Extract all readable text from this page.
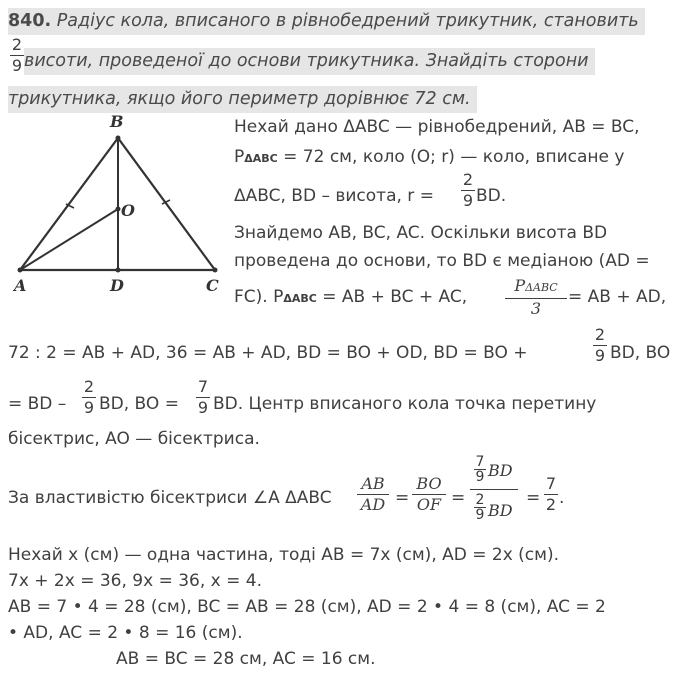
840. Радіус кола, вписаного в рівнобедрений трикутник, становить
2
9 висоти, проведеної до основи трикутника. Знайдіть сторони
трикутника, якщо його периметр дорівнює 72 см.
B
O
A	D	C
Нехай дано ΔABC — рівнобедрений, AB = BC,
PΔABC = 72 см, коло (O; r) — коло, вписане у
ΔABC, BD – висота, r =
2
9 BD.
Знайдемо AB, BC, AC. Оскільки висота BD
проведена до основи, то BD є медіаною (AD =
FC). PΔABC = AB + BC + AC,
PΔABC
3
= AB + AD,
72 : 2 = AB + AD, 36 = AB + AD, BD = BO + OD, BD = BO +
2
9 BD, BO
= BD –
2
9 BD, BO =
7
9 BD. Центр вписаного кола точка перетину
бісектрис, AO — бісектриса.
За властивістю бісектриси ∠A ΔABC
AB
AD =
BO
OF =
7
9 BD
2
9 BD
=
7
2 .
Нехай x (см) — одна частина, тоді AB = 7x (см), AD = 2x (см).
7x + 2x = 36, 9x = 36, x = 4.
AB = 7 • 4 = 28 (см), BC = AB = 28 (см), AD = 2 • 4 = 8 (см), AC = 2
• AD, AC = 2 • 8 = 16 (см).
AB = BC = 28 см, AC = 16 см.
